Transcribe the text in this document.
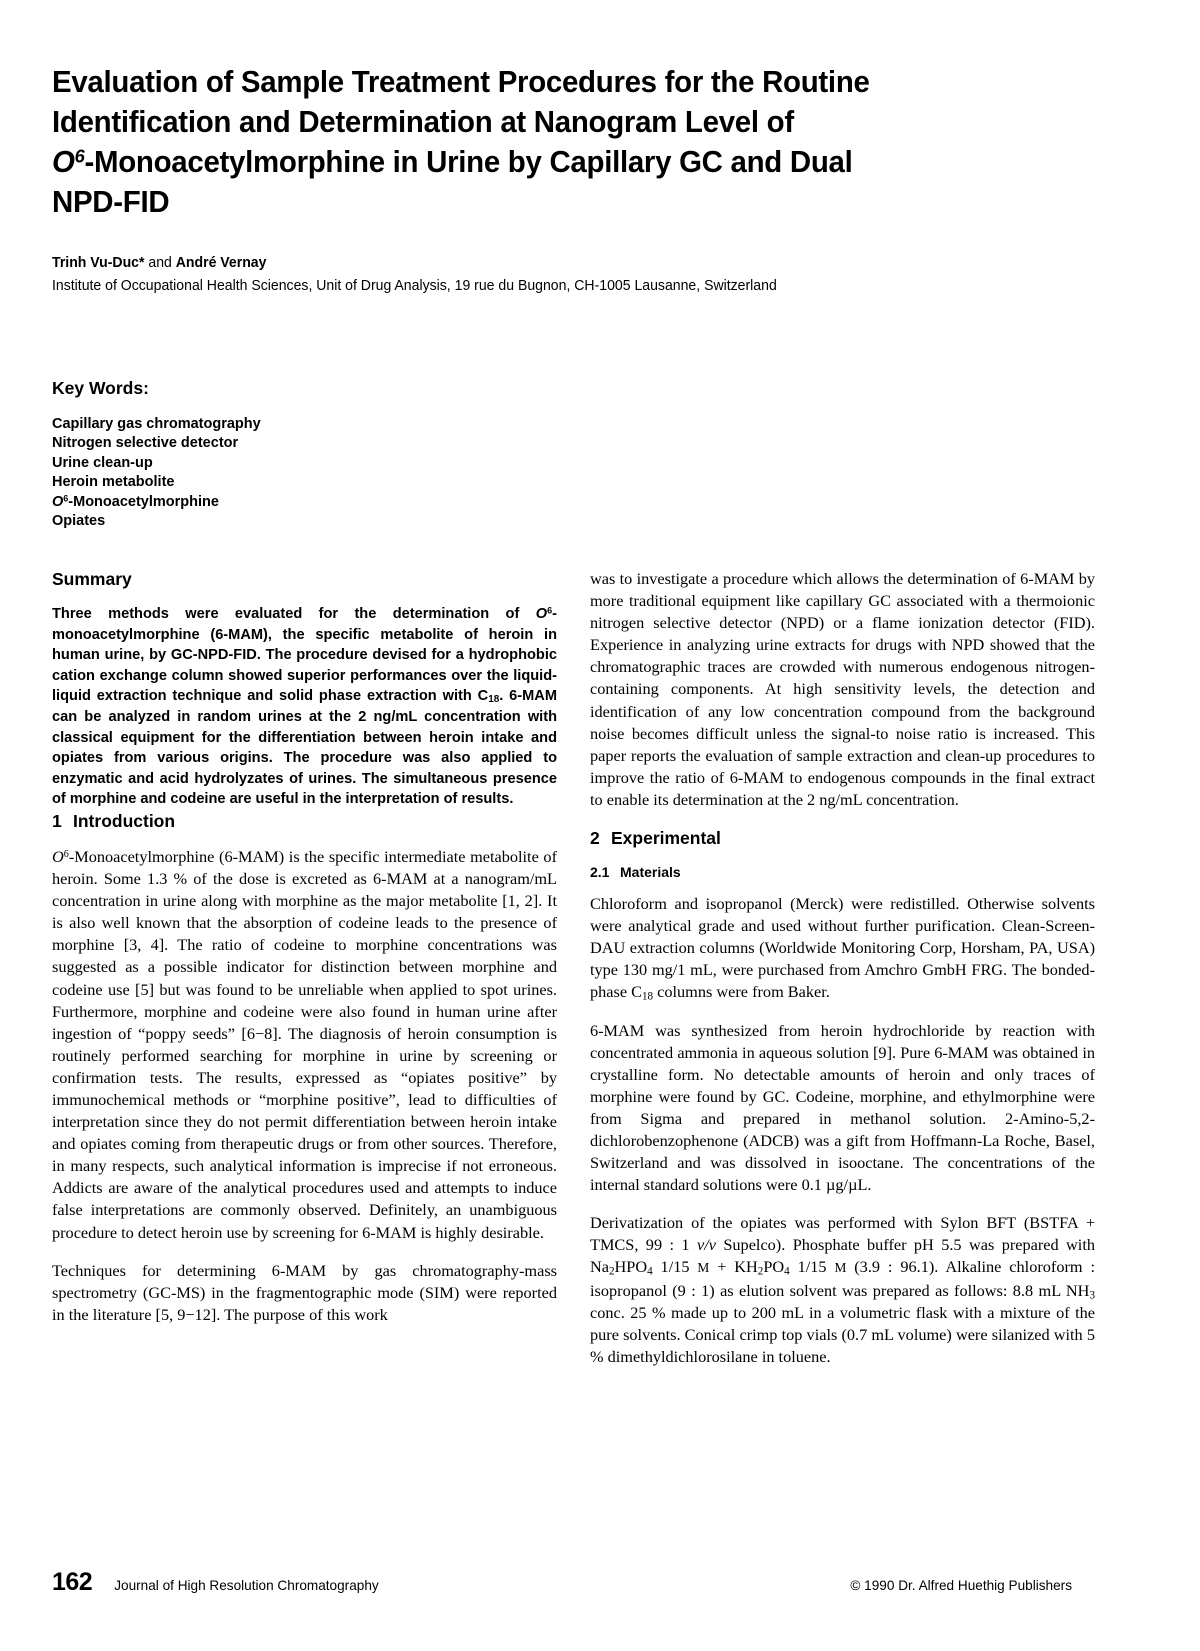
Evaluation of Sample Treatment Procedures for the Routine
Identification and Determination at Nanogram Level of
$O^6$-Monoacetylmorphine in Urine by Capillary GC and Dual
NPD-FID
Trinh Vu-Duc* and André Vernay
Institute of Occupational Health Sciences, Unit of Drug Analysis, 19 rue du Bugnon, CH-1005 Lausanne, Switzerland
Key Words:
Capillary gas chromatography
Nitrogen selective detector
Urine clean-up
Heroin metabolite
$O^6$-Monoacetylmorphine
Opiates
Summary

Three methods were evaluated for the determination of $O^6$-monoacetylmorphine (6-MAM), the specific metabolite of heroin in human urine, by GC-NPD-FID. The procedure devised for a hydrophobic cation exchange column showed superior performances over the liquid-liquid extraction technique and solid phase extraction with $C_{18}$. 6-MAM can be analyzed in random urines at the 2 ng/mL concentration with classical equipment for the differentiation between heroin intake and opiates from various origins. The procedure was also applied to enzymatic and acid hydrolyzates of urines. The simultaneous presence of morphine and codeine are useful in the interpretation of results.

1 Introduction

$O^6$-Monoacetylmorphine (6-MAM) is the specific intermediate metabolite of heroin. Some 1.3 % of the dose is excreted as 6-MAM at a nanogram/mL concentration in urine along with morphine as the major metabolite [1, 2]. It is also well known that the absorption of codeine leads to the presence of morphine [3, 4]. The ratio of codeine to morphine concentrations was suggested as a possible indicator for distinction between morphine and codeine use [5] but was found to be unreliable when applied to spot urines. Furthermore, morphine and codeine were also found in human urine after ingestion of “poppy seeds” [6−8]. The diagnosis of heroin consumption is routinely performed searching for morphine in urine by screening or confirmation tests. The results, expressed as “opiates positive” by immunochemical methods or “morphine positive”, lead to difficulties of interpretation since they do not permit differentiation between heroin intake and opiates coming from therapeutic drugs or from other sources. Therefore, in many respects, such analytical information is imprecise if not erroneous. Addicts are aware of the analytical procedures used and attempts to induce false interpretations are commonly observed. Definitely, an unambiguous procedure to detect heroin use by screening for 6-MAM is highly desirable.

Techniques for determining 6-MAM by gas chromatography-mass spectrometry (GC-MS) in the fragmentographic mode (SIM) were reported in the literature [5, 9−12]. The purpose of this work

was to investigate a procedure which allows the determination of 6-MAM by more traditional equipment like capillary GC associated with a thermoionic nitrogen selective detector (NPD) or a flame ionization detector (FID). Experience in analyzing urine extracts for drugs with NPD showed that the chromatographic traces are crowded with numerous endogenous nitrogen-containing components. At high sensitivity levels, the detection and identification of any low concentration compound from the background noise becomes difficult unless the signal-to noise ratio is increased. This paper reports the evaluation of sample extraction and clean-up procedures to improve the ratio of 6-MAM to endogenous compounds in the final extract to enable its determination at the 2 ng/mL concentration.

2 Experimental
2.1 Materials

Chloroform and isopropanol (Merck) were redistilled. Otherwise solvents were analytical grade and used without further purification. Clean-Screen-DAU extraction columns (Worldwide Monitoring Corp, Horsham, PA, USA) type 130 mg/1 mL, were purchased from Amchro GmbH FRG. The bonded-phase $C_{18}$ columns were from Baker.

6-MAM was synthesized from heroin hydrochloride by reaction with concentrated ammonia in aqueous solution [9]. Pure 6-MAM was obtained in crystalline form. No detectable amounts of heroin and only traces of morphine were found by GC. Codeine, morphine, and ethylmorphine were from Sigma and prepared in methanol solution. 2-Amino-5,2-dichlorobenzophenone (ADCB) was a gift from Hoffmann-La Roche, Basel, Switzerland and was dissolved in isooctane. The concentrations of the internal standard solutions were 0.1 µg/µL.

Derivatization of the opiates was performed with Sylon BFT (BSTFA + TMCS, 99 : 1 v/v Supelco). Phosphate buffer pH 5.5 was prepared with $Na_2HPO_4$ 1/15 $M + KH_2PO_4$ 1/15 M (3.9 : 96.1). Alkaline chloroform : isopropanol (9 : 1) as elution solvent was prepared as follows: 8.8 mL $NH_3$ conc. 25 % made up to 200 mL in a volumetric flask with a mixture of the pure solvents. Conical crimp top vials (0.7 mL volume) were silanized with 5 % dimethyldichlorosilane in toluene.

162 Journal of High Resolution Chromatography	© 1990 Dr. Alfred Huethig Publishers
